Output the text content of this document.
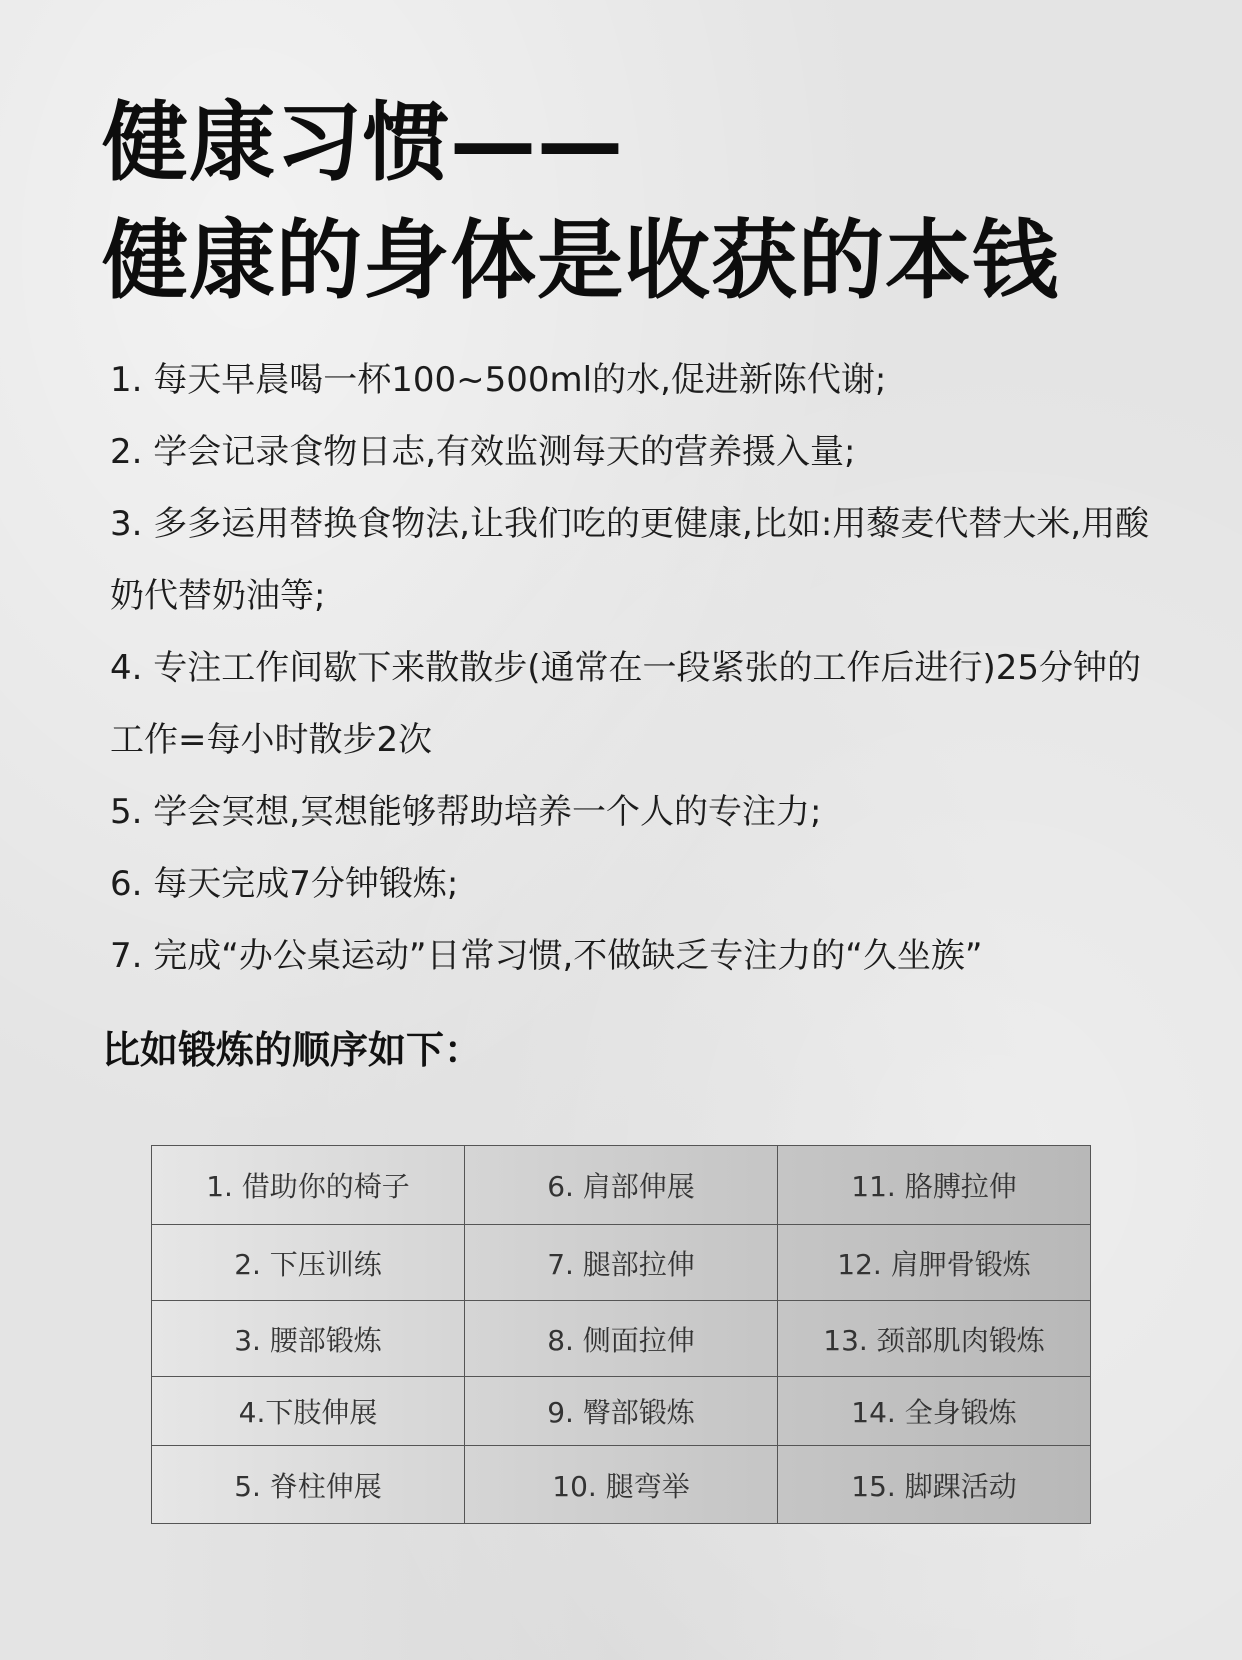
健康习惯——
健康的身体是收获的本钱
1. 每天早晨喝一杯100~500ml的水,促进新陈代谢;
2. 学会记录食物日志,有效监测每天的营养摄入量;
3. 多多运用替换食物法,让我们吃的更健康,比如:用藜麦代替大米,用酸奶代替奶油等;
4. 专注工作间歇下来散散步(通常在一段紧张的工作后进行)25分钟的工作=每小时散步2次
5. 学会冥想,冥想能够帮助培养一个人的专注力;
6. 每天完成7分钟锻炼;
7. 完成“办公桌运动”日常习惯,不做缺乏专注力的“久坐族”
比如锻炼的顺序如下：
1. 借助你的椅子	6. 肩部伸展	11. 胳膊拉伸
2. 下压训练	7. 腿部拉伸	12. 肩胛骨锻炼
3. 腰部锻炼	8. 侧面拉伸	13. 颈部肌肉锻炼
4.下肢伸展	9. 臀部锻炼	14. 全身锻炼
5. 脊柱伸展	10. 腿弯举	15. 脚踝活动
